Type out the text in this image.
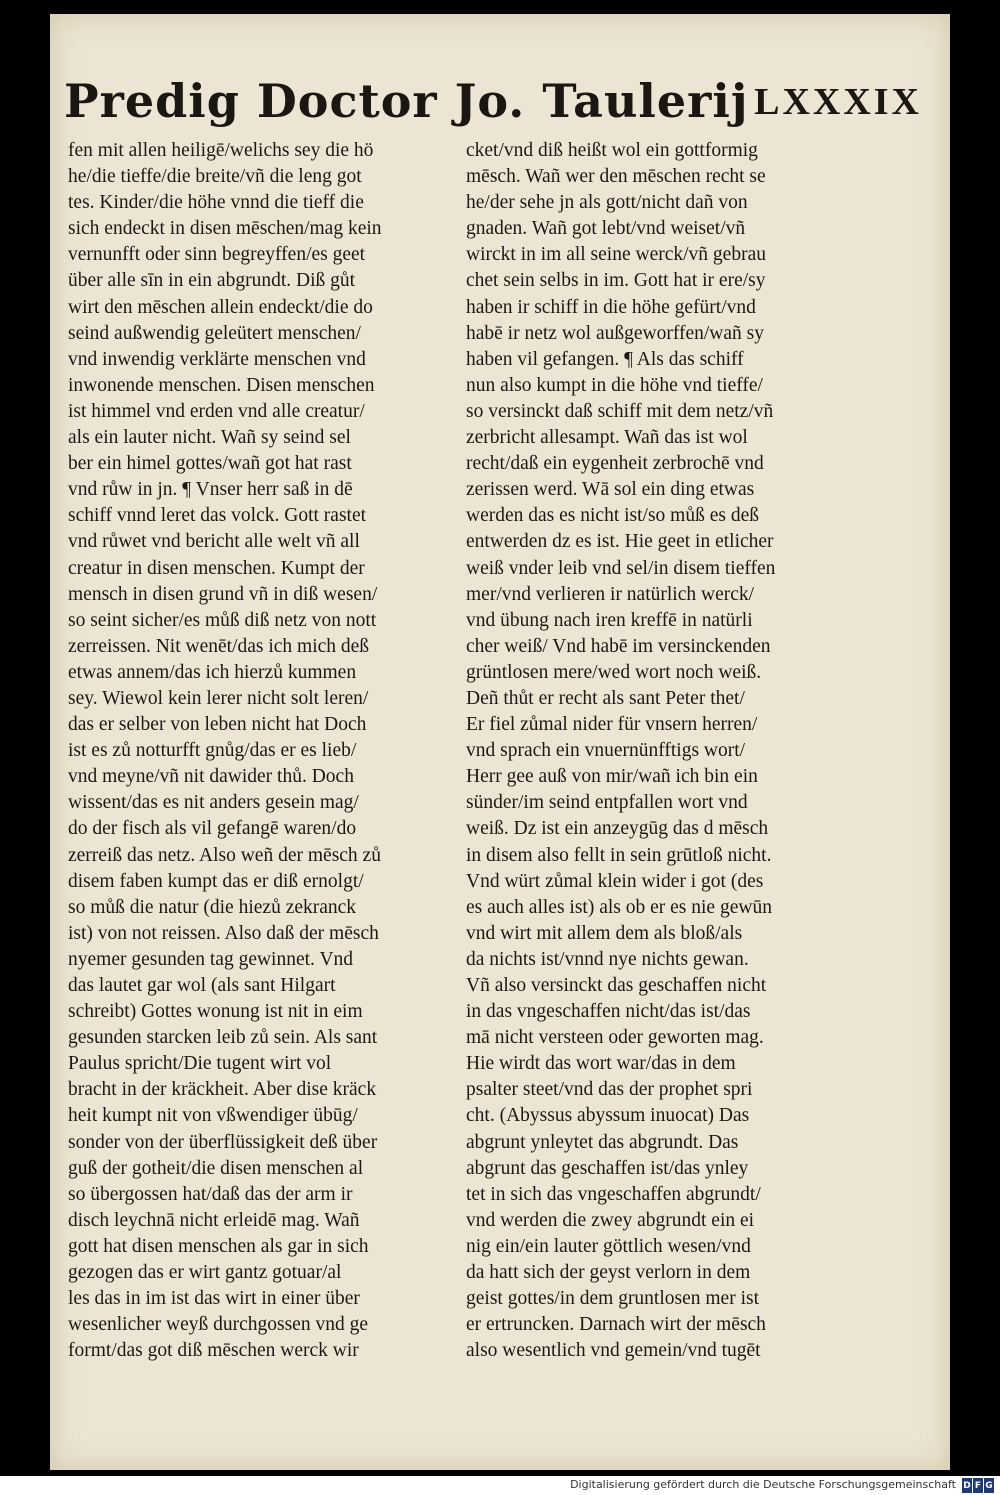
Predig Doctor Jo. Taulerij LXXXIX
fen mit allen heiligē/welichs sey die hö
he/die tieffe/die breite/vñ die leng got
tes. Kinder/die höhe vnnd die tieff die
sich endeckt in disen mēschen/mag kein
vernunfft oder sinn begreyffen/es geet
über alle sīn in ein abgrundt. Diß gůt
wirt den mēschen allein endeckt/die do
seind außwendig geleütert menschen/
vnd inwendig verklärte menschen vnd
inwonende menschen. Disen menschen
ist himmel vnd erden vnd alle creatur/
als ein lauter nicht. Wañ sy seind sel
ber ein himel gottes/wañ got hat rast
vnd růw in jn. ¶ Vnser herr saß in dē
schiff vnnd leret das volck. Gott rastet
vnd růwet vnd bericht alle welt vñ all
creatur in disen menschen. Kumpt der
mensch in disen grund vñ in diß wesen/
so seint sicher/es můß diß netz von nott
zerreissen. Nit wenēt/das ich mich deß
etwas annem/das ich hierzů kummen
sey. Wiewol kein lerer nicht solt leren/
das er selber von leben nicht hat Doch
ist es zů notturfft gnůg/das er es lieb/
vnd meyne/vñ nit dawider thů. Doch
wissent/das es nit anders gesein mag/
do der fisch als vil gefangē waren/do
zerreiß das netz. Also weñ der mēsch zů
disem faben kumpt das er diß ernolgt/
so můß die natur (die hiezů zekranck
ist) von not reissen. Also daß der mēsch
nyemer gesunden tag gewinnet. Vnd
das lautet gar wol (als sant Hilgart
schreibt) Gottes wonung ist nit in eim
gesunden starcken leib zů sein. Als sant
Paulus spricht/Die tugent wirt vol
bracht in der kräckheit. Aber dise kräck
heit kumpt nit von vßwendiger übūg/
sonder von der überflüssigkeit deß über
guß der gotheit/die disen menschen al
so übergossen hat/daß das der arm ir
disch leychnā nicht erleidē mag. Wañ
gott hat disen menschen als gar in sich
gezogen das er wirt gantz gotuar/al
les das in im ist das wirt in einer über
wesenlicher weyß durchgossen vnd ge
formt/das got diß mēschen werck wir
cket/vnd diß heißt wol ein gottformig
mēsch. Wañ wer den mēschen recht se
he/der sehe jn als gott/nicht dañ von
gnaden. Wañ got lebt/vnd weiset/vñ
wirckt in im all seine werck/vñ gebrau
chet sein selbs in im. Gott hat ir ere/sy
haben ir schiff in die höhe gefürt/vnd
habē ir netz wol außgeworffen/wañ sy
haben vil gefangen. ¶ Als das schiff
nun also kumpt in die höhe vnd tieffe/
so versinckt daß schiff mit dem netz/vñ
zerbricht allesampt. Wañ das ist wol
recht/daß ein eygenheit zerbrochē vnd
zerissen werd. Wā sol ein ding etwas
werden das es nicht ist/so můß es deß
entwerden dz es ist. Hie geet in etlicher
weiß vnder leib vnd sel/in disem tieffen
mer/vnd verlieren ir natürlich werck/
vnd übung nach iren kreffē in natürli
cher weiß/ Vnd habē im versinckenden
grüntlosen mere/wed wort noch weiß.
Deñ thůt er recht als sant Peter thet/
Er fiel zůmal nider für vnsern herren/
vnd sprach ein vnuernünfftigs wort/
Herr gee auß von mir/wañ ich bin ein
sünder/im seind entpfallen wort vnd
weiß. Dz ist ein anzeygūg das d mēsch
in disem also fellt in sein grūtloß nicht.
Vnd würt zůmal klein wider i got (des
es auch alles ist) als ob er es nie gewūn
vnd wirt mit allem dem als bloß/als
da nichts ist/vnnd nye nichts gewan.
Vñ also versinckt das geschaffen nicht
in das vngeschaffen nicht/das ist/das
mā nicht versteen oder geworten mag.
Hie wirdt das wort war/das in dem
psalter steet/vnd das der prophet spri
cht. (Abyssus abyssum inuocat) Das
abgrunt ynleytet das abgrundt. Das
abgrunt das geschaffen ist/das ynley
tet in sich das vngeschaffen abgrundt/
vnd werden die zwey abgrundt ein ei
nig ein/ein lauter göttlich wesen/vnd
da hatt sich der geyst verlorn in dem
geist gottes/in dem gruntlosen mer ist
er ertruncken. Darnach wirt der mēsch
also wesentlich vnd gemein/vnd tugēt
Digitalisierung gefördert durch die Deutsche Forschungsgemeinschaft D F G
